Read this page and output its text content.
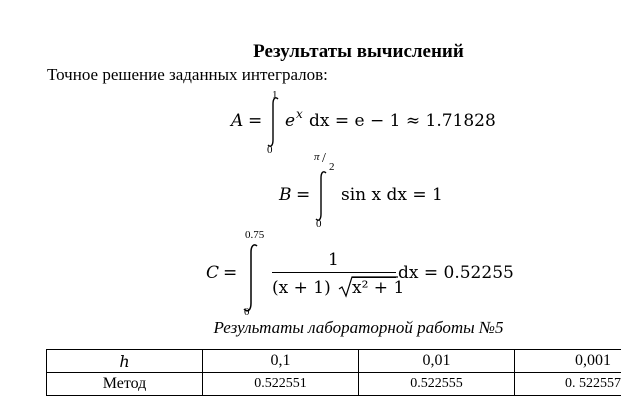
Результаты вычислений
Точное решение заданных интегралов:
A =
1
0
e x dx = e − 1 ≈ 1.71828
B =
π /
2
0
sin x dx = 1
C =
0.75
0
1
(x + 1) x² + 1
dx = 0.52255
Результаты лабораторной работы №5
h	0,1	0,01	0,001
Метод	0.522551	0.522555	0. 522557
